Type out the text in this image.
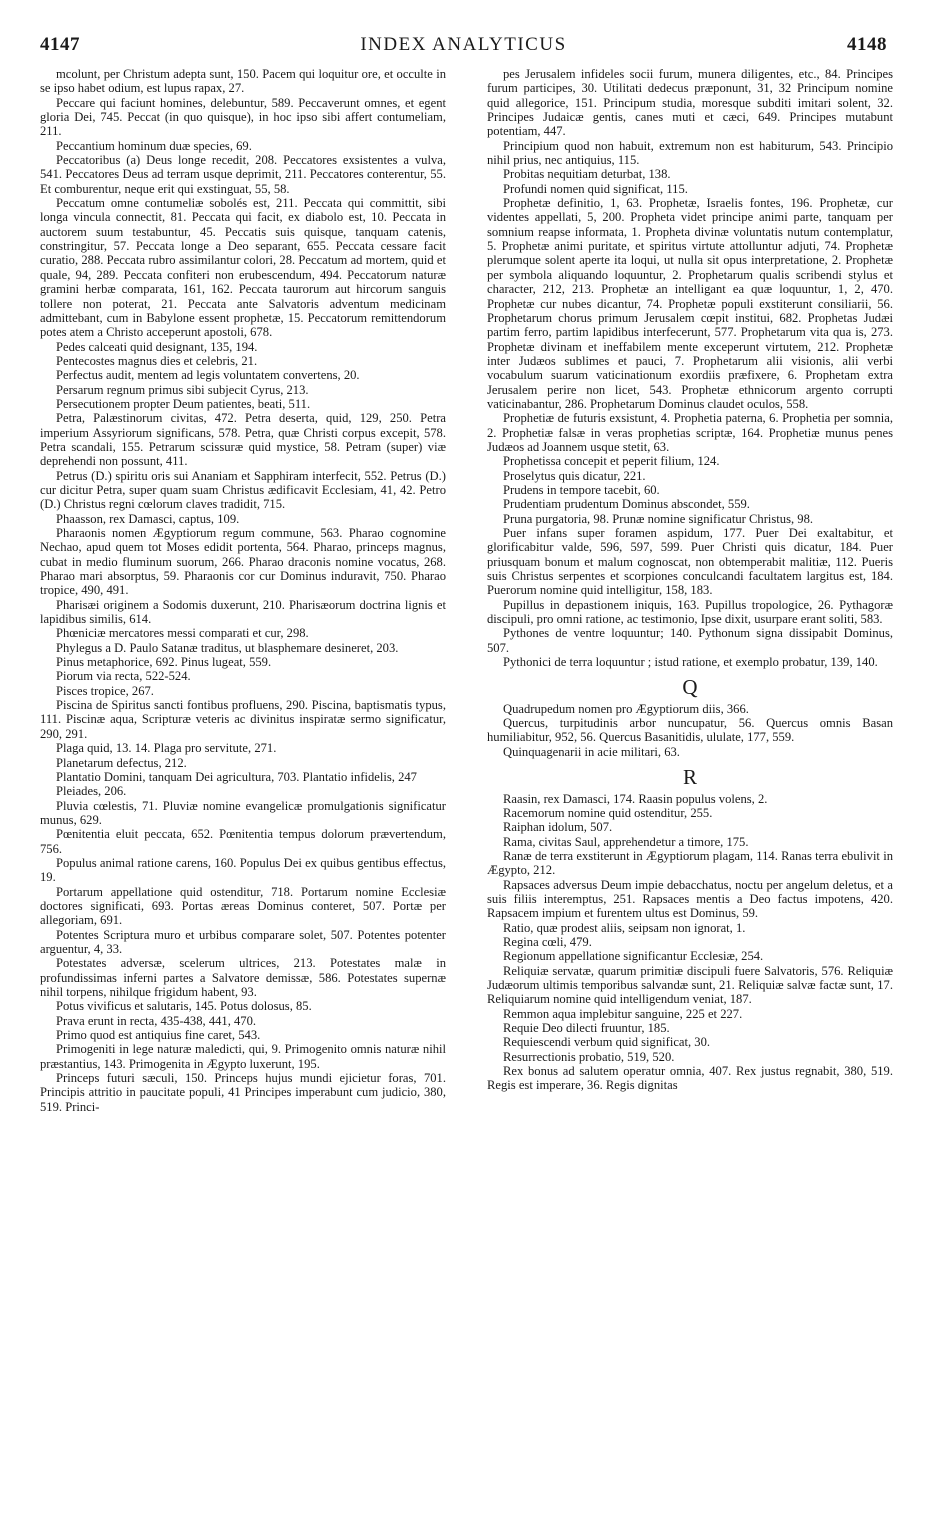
4147	INDEX ANALYTICUS	4148

mcolunt, per Christum adepta sunt, 150. Pacem qui loquitur ore, et occulte in se ipso habet odium, est lupus rapax, 27.

Peccare qui faciunt homines, delebuntur, 589. Peccaverunt omnes, et egent gloria Dei, 745. Peccat (in quo quisque), in hoc ipso sibi affert contumeliam, 211.

Peccantium hominum duæ species, 69.

Peccatoribus (a) Deus longe recedit, 208. Peccatores exsistentes a vulva, 541. Peccatores Deus ad terram usque deprimit, 211. Peccatores conterentur, 55. Et comburentur, neque erit qui exstinguat, 55, 58.

Peccatum omne contumeliæ sobolés est, 211. Peccata qui committit, sibi longa vincula connectit, 81. Peccata qui facit, ex diabolo est, 10. Peccata in auctorem suum testabuntur, 45. Peccatis suis quisque, tanquam catenis, constringitur, 57. Peccata longe a Deo separant, 655. Peccata cessare facit curatio, 288. Peccata rubro assimilantur colori, 28. Peccatum ad mortem, quid et quale, 94, 289. Peccata confiteri non erubescendum, 494. Peccatorum naturæ gramini herbæ comparata, 161, 162. Peccata taurorum aut hircorum sanguis tollere non poterat, 21. Peccata ante Salvatoris adventum medicinam admittebant, cum in Babylone essent prophetæ, 15. Peccatorum remittendorum potes atem a Christo acceperunt apostoli, 678.

Pedes calceati quid designant, 135, 194.

Pentecostes magnus dies et celebris, 21.

Perfectus audit, mentem ad legis voluntatem convertens, 20.

Persarum regnum primus sibi subjecit Cyrus, 213.

Persecutionem propter Deum patientes, beati, 511.

Petra, Palæstinorum civitas, 472. Petra deserta, quid, 129, 250. Petra imperium Assyriorum significans, 578. Petra, quæ Christi corpus excepit, 578. Petra scandali, 155. Petrarum scissuræ quid mystice, 58. Petram (super) viæ deprehendi non possunt, 411.

Petrus (D.) spiritu oris sui Ananiam et Sapphiram interfecit, 552. Petrus (D.) cur dicitur Petra, super quam suam Christus ædificavit Ecclesiam, 41, 42. Petro (D.) Christus regni cœlorum claves tradidit, 715.

Phaasson, rex Damasci, captus, 109.

Pharaonis nomen Ægyptiorum regum commune, 563. Pharao cognomine Nechao, apud quem tot Moses edidit portenta, 564. Pharao, princeps magnus, cubat in medio fluminum suorum, 266. Pharao draconis nomine vocatus, 268. Pharao mari absorptus, 59. Pharaonis cor cur Dominus induravit, 750. Pharao tropice, 490, 491.

Pharisæi originem a Sodomis duxerunt, 210. Pharisæorum doctrina lignis et lapidibus similis, 614.

Phœniciæ mercatores messi comparati et cur, 298.

Phylegus a D. Paulo Satanæ traditus, ut blasphemare desineret, 203.

Pinus metaphorice, 692. Pinus lugeat, 559.

Piorum via recta, 522-524.

Pisces tropice, 267.

Piscina de Spiritus sancti fontibus profluens, 290. Piscina, baptismatis typus, 111. Piscinæ aqua, Scripturæ veteris ac divinitus inspiratæ sermo significatur, 290, 291.

Plaga quid, 13. 14. Plaga pro servitute, 271.

Planetarum defectus, 212.

Plantatio Domini, tanquam Dei agricultura, 703. Plantatio infidelis, 247

Pleiades, 206.

Pluvia cœlestis, 71. Pluviæ nomine evangelicæ promulgationis significatur munus, 629.

Pœnitentia eluit peccata, 652. Pœnitentia tempus dolorum prævertendum, 756.

Populus animal ratione carens, 160. Populus Dei ex quibus gentibus effectus, 19.

Portarum appellatione quid ostenditur, 718. Portarum nomine Ecclesiæ doctores significati, 693. Portas æreas Dominus conteret, 507. Portæ per allegoriam, 691.

Potentes Scriptura muro et urbibus comparare solet, 507. Potentes potenter arguentur, 4, 33.

Potestates adversæ, scelerum ultrices, 213. Potestates malæ in profundissimas inferni partes a Salvatore demissæ, 586. Potestates supernæ nihil torpens, nihilque frigidum habent, 93.

Potus vivificus et salutaris, 145. Potus dolosus, 85.

Prava erunt in recta, 435-438, 441, 470.

Primo quod est antiquius fine caret, 543.

Primogeniti in lege naturæ maledicti, qui, 9. Primogenito omnis naturæ nihil præstantius, 143. Primogenita in Ægypto luxerunt, 195.

Princeps futuri sæculi, 150. Princeps hujus mundi ejicietur foras, 701. Principis attritio in paucitate populi, 41 Principes imperabunt cum judicio, 380, 519. Princi-

pes Jerusalem infideles socii furum, munera diligentes, etc., 84. Principes furum participes, 30. Utilitati dedecus præponunt, 31, 32 Principum nomine quid allegorice, 151. Principum studia, moresque subditi imitari solent, 32. Principes Judaicæ gentis, canes muti et cæci, 649. Principes mutabunt potentiam, 447.

Principium quod non habuit, extremum non est habiturum, 543. Principio nihil prius, nec antiquius, 115.

Probitas nequitiam deturbat, 138.

Profundi nomen quid significat, 115.

Prophetæ definitio, 1, 63. Prophetæ, Israelis fontes, 196. Prophetæ, cur videntes appellati, 5, 200. Propheta videt principe animi parte, tanquam per somnium reapse informata, 1. Propheta divinæ voluntatis nutum contemplatur, 5. Prophetæ animi puritate, et spiritus virtute attolluntur adjuti, 74. Prophetæ plerumque solent aperte ita loqui, ut nulla sit opus interpretatione, 2. Prophetæ per symbola aliquando loquuntur, 2. Prophetarum qualis scribendi stylus et character, 212, 213. Prophetæ an intelligant ea quæ loquuntur, 1, 2, 470. Prophetæ cur nubes dicantur, 74. Prophetæ populi exstiterunt consiliarii, 56. Prophetarum chorus primum Jerusalem cœpit institui, 682. Prophetas Judæi partim ferro, partim lapidibus interfecerunt, 577. Prophetarum vita qua is, 273. Prophetæ divinam et ineffabilem mente exceperunt virtutem, 212. Prophetæ inter Judæos sublimes et pauci, 7. Prophetarum alii visionis, alii verbi vocabulum suarum vaticinationum exordiis præfixere, 6. Prophetam extra Jerusalem perire non licet, 543. Prophetæ ethnicorum argento corrupti vaticinabantur, 286. Prophetarum Dominus claudet oculos, 558.

Prophetiæ de futuris exsistunt, 4. Prophetia paterna, 6. Prophetia per somnia, 2. Prophetiæ falsæ in veras prophetias scriptæ, 164. Prophetiæ munus penes Judæos ad Joannem usque stetit, 63.

Prophetissa concepit et peperit filium, 124.

Proselytus quis dicatur, 221.

Prudens in tempore tacebit, 60.

Prudentiam prudentum Dominus abscondet, 559.

Pruna purgatoria, 98. Prunæ nomine significatur Christus, 98.

Puer infans super foramen aspidum, 177. Puer Dei exaltabitur, et glorificabitur valde, 596, 597, 599. Puer Christi quis dicatur, 184. Puer priusquam bonum et malum cognoscat, non obtemperabit malitiæ, 112. Pueris suis Christus serpentes et scorpiones conculcandi facultatem largitus est, 184. Puerorum nomine quid intelligitur, 158, 183.

Pupillus in depastionem iniquis, 163. Pupillus tropologice, 26. Pythagoræ discipuli, pro omni ratione, ac testimonio, Ipse dixit, usurpare erant soliti, 583.

Pythones de ventre loquuntur; 140. Pythonum signa dissipabit Dominus, 507.

Pythonici de terra loquuntur ; istud ratione, et exemplo probatur, 139, 140.

Q

Quadrupedum nomen pro Ægyptiorum diis, 366.

Quercus, turpitudinis arbor nuncupatur, 56. Quercus omnis Basan humiliabitur, 952, 56. Quercus Basanitidis, ululate, 177, 559.

Quinquagenarii in acie militari, 63.

R

Raasin, rex Damasci, 174. Raasin populus volens, 2.

Racemorum nomine quid ostenditur, 255.

Raiphan idolum, 507.

Rama, civitas Saul, apprehendetur a timore, 175.

Ranæ de terra exstiterunt in Ægyptiorum plagam, 114. Ranas terra ebulivit in Ægypto, 212.

Rapsaces adversus Deum impie debacchatus, noctu per angelum deletus, et a suis filiis interemptus, 251. Rapsaces mentis a Deo factus impotens, 420. Rapsacem impium et furentem ultus est Dominus, 59.

Ratio, quæ prodest aliis, seipsam non ignorat, 1.

Regina cœli, 479.

Regionum appellatione significantur Ecclesiæ, 254.

Reliquiæ servatæ, quarum primitiæ discipuli fuere Salvatoris, 576. Reliquiæ Judæorum ultimis temporibus salvandæ sunt, 21. Reliquiæ salvæ factæ sunt, 17. Reliquiarum nomine quid intelligendum veniat, 187.

Remmon aqua implebitur sanguine, 225 et 227.

Requie Deo dilecti fruuntur, 185.

Requiescendi verbum quid significat, 30.

Resurrectionis probatio, 519, 520.

Rex bonus ad salutem operatur omnia, 407. Rex justus regnabit, 380, 519. Regis est imperare, 36. Regis dignitas
